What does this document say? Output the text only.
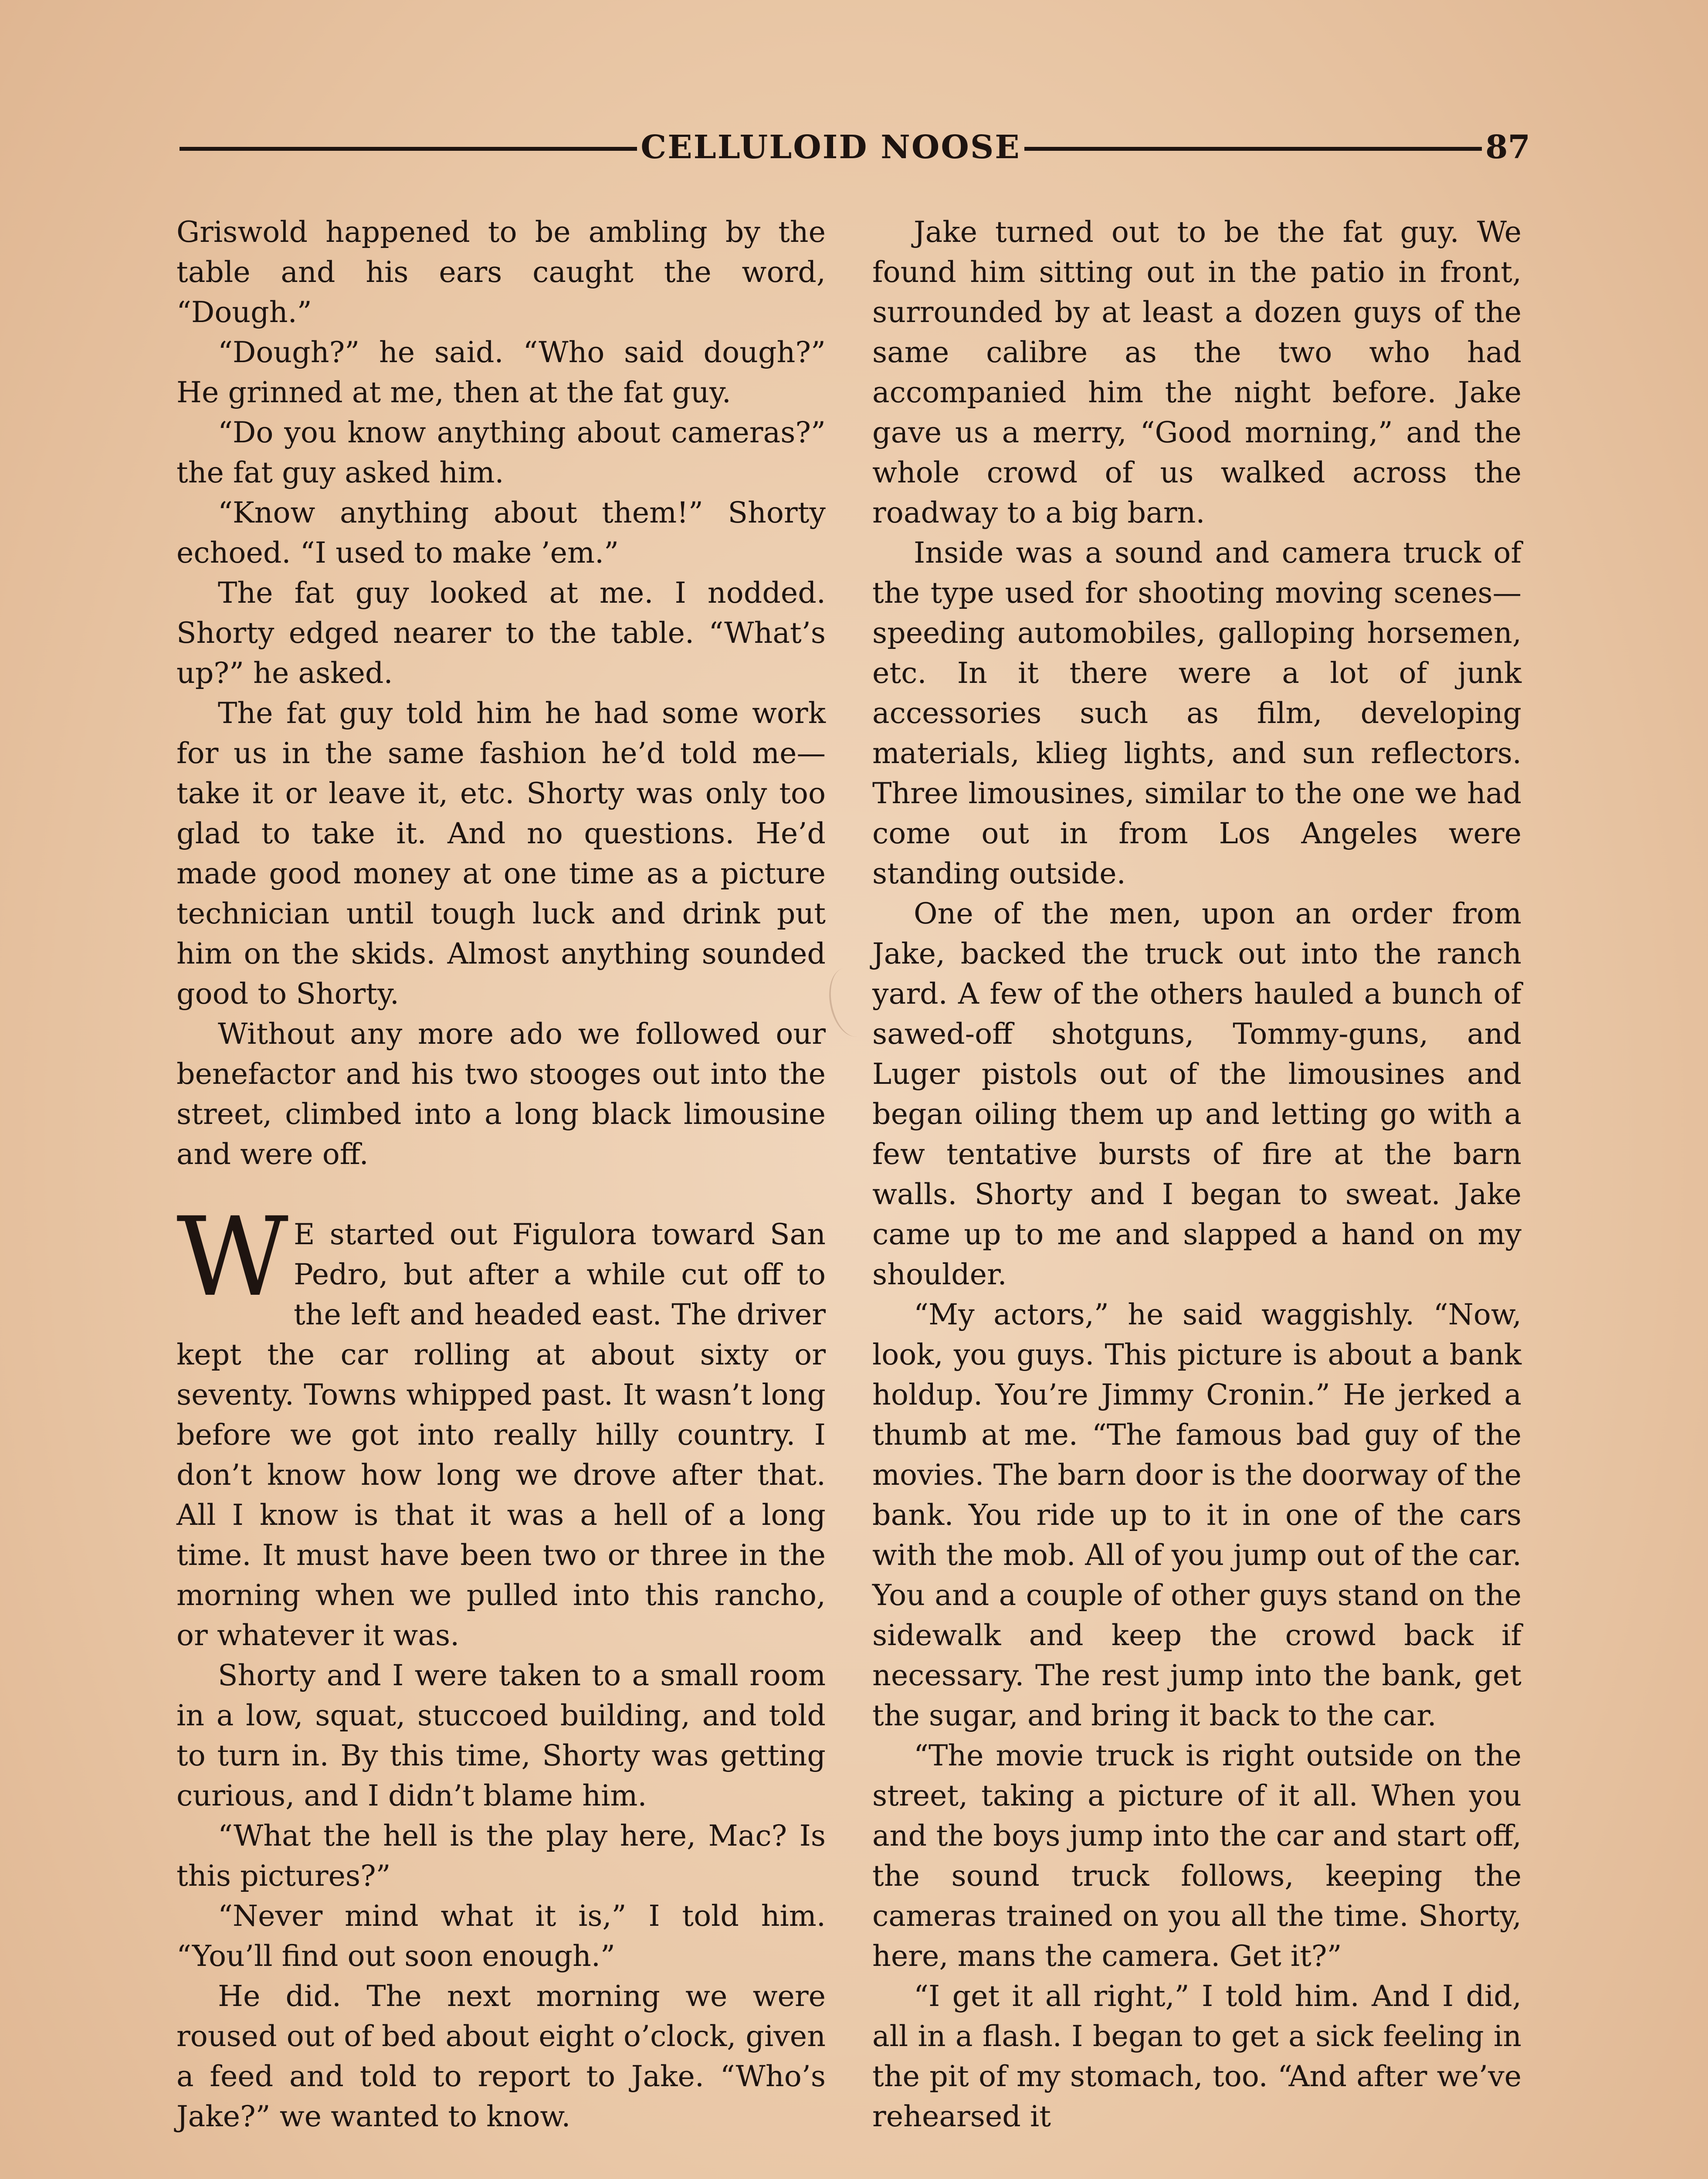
CELLULOID NOOSE	87

Griswold happened to be ambling by the table and his ears caught the word, “Dough.”

“Dough?” he said. “Who said dough?” He grinned at me, then at the fat guy.

“Do you know anything about cameras?” the fat guy asked him.

“Know anything about them!” Shorty echoed. “I used to make ’em.”

The fat guy looked at me. I nodded. Shorty edged nearer to the table. “What’s up?” he asked.

The fat guy told him he had some work for us in the same fashion he’d told me—take it or leave it, etc. Shorty was only too glad to take it. And no questions. He’d made good money at one time as a picture technician until tough luck and drink put him on the skids. Almost anything sounded good to Shorty.

Without any more ado we followed our benefactor and his two stooges out into the street, climbed into a long black limousine and were off.

W E started out Figulora toward San Pedro, but after a while cut off to the left and headed east. The driver kept the car rolling at about sixty or seventy. Towns whipped past. It wasn’t long before we got into really hilly country. I don’t know how long we drove after that. All I know is that it was a hell of a long time. It must have been two or three in the morning when we pulled into this rancho, or whatever it was.

Shorty and I were taken to a small room in a low, squat, stuccoed building, and told to turn in. By this time, Shorty was getting curious, and I didn’t blame him.

“What the hell is the play here, Mac? Is this pictures?”

“Never mind what it is,” I told him. “You’ll find out soon enough.”

He did. The next morning we were roused out of bed about eight o’clock, given a feed and told to report to Jake. “Who’s Jake?” we wanted to know.

Jake turned out to be the fat guy. We found him sitting out in the patio in front, surrounded by at least a dozen guys of the same calibre as the two who had accompanied him the night before. Jake gave us a merry, “Good morning,” and the whole crowd of us walked across the roadway to a big barn.

Inside was a sound and camera truck of the type used for shooting moving scenes—speeding automobiles, galloping horsemen, etc. In it there were a lot of junk accessories such as film, developing materials, klieg lights, and sun reflectors. Three limousines, similar to the one we had come out in from Los Angeles were standing outside.

One of the men, upon an order from Jake, backed the truck out into the ranch yard. A few of the others hauled a bunch of sawed-off shotguns, Tommy-guns, and Luger pistols out of the limousines and began oiling them up and letting go with a few tentative bursts of fire at the barn walls. Shorty and I began to sweat. Jake came up to me and slapped a hand on my shoulder.

“My actors,” he said waggishly. “Now, look, you guys. This picture is about a bank holdup. You’re Jimmy Cronin.” He jerked a thumb at me. “The famous bad guy of the movies. The barn door is the doorway of the bank. You ride up to it in one of the cars with the mob. All of you jump out of the car. You and a couple of other guys stand on the sidewalk and keep the crowd back if necessary. The rest jump into the bank, get the sugar, and bring it back to the car.

“The movie truck is right outside on the street, taking a picture of it all. When you and the boys jump into the car and start off, the sound truck follows, keeping the cameras trained on you all the time. Shorty, here, mans the camera. Get it?”

“I get it all right,” I told him. And I did, all in a flash. I began to get a sick feeling in the pit of my stomach, too. “And after we’ve rehearsed it
